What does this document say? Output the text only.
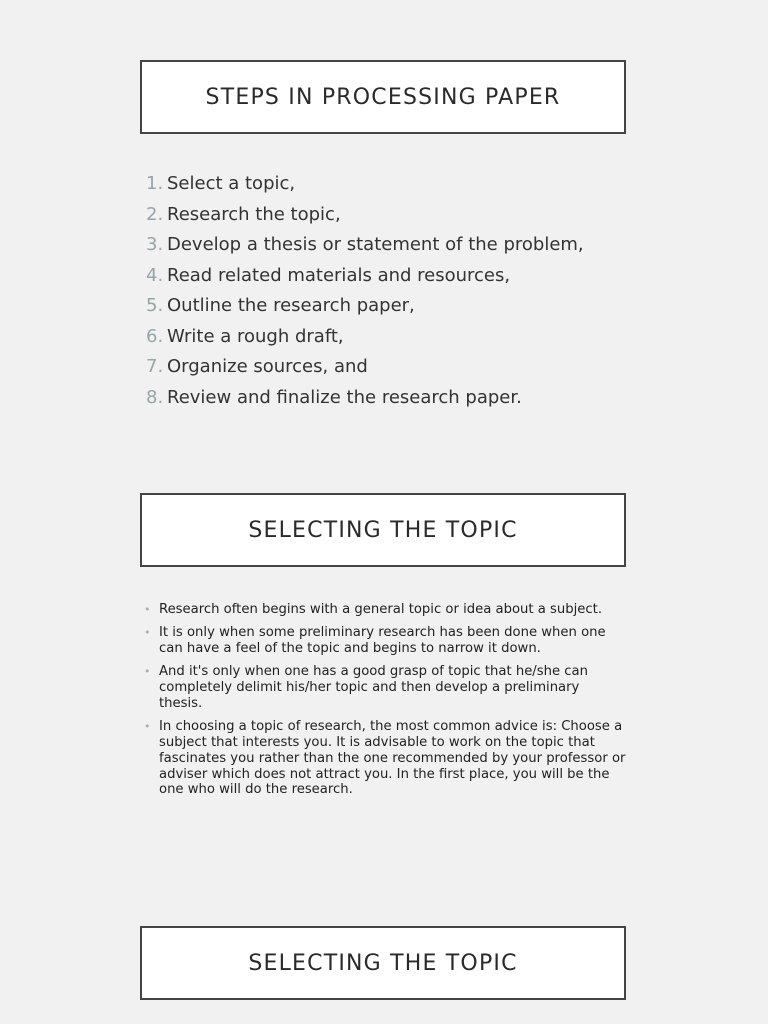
STEPS IN PROCESSING PAPER
1. Select a topic,
2. Research the topic,
3. Develop a thesis or statement of the problem,
4. Read related materials and resources,
5. Outline the research paper,
6. Write a rough draft,
7. Organize sources, and
8. Review and finalize the research paper.
SELECTING THE TOPIC
• Research often begins with a general topic or idea about a subject.
• It is only when some preliminary research has been done when one can have a feel of the topic and begins to narrow it down.
• And it's only when one has a good grasp of topic that he/she can completely delimit his/her topic and then develop a preliminary thesis.
• In choosing a topic of research, the most common advice is: Choose a subject that interests you. It is advisable to work on the topic that fascinates you rather than the one recommended by your professor or adviser which does not attract you. In the first place, you will be the one who will do the research.
SELECTING THE TOPIC
